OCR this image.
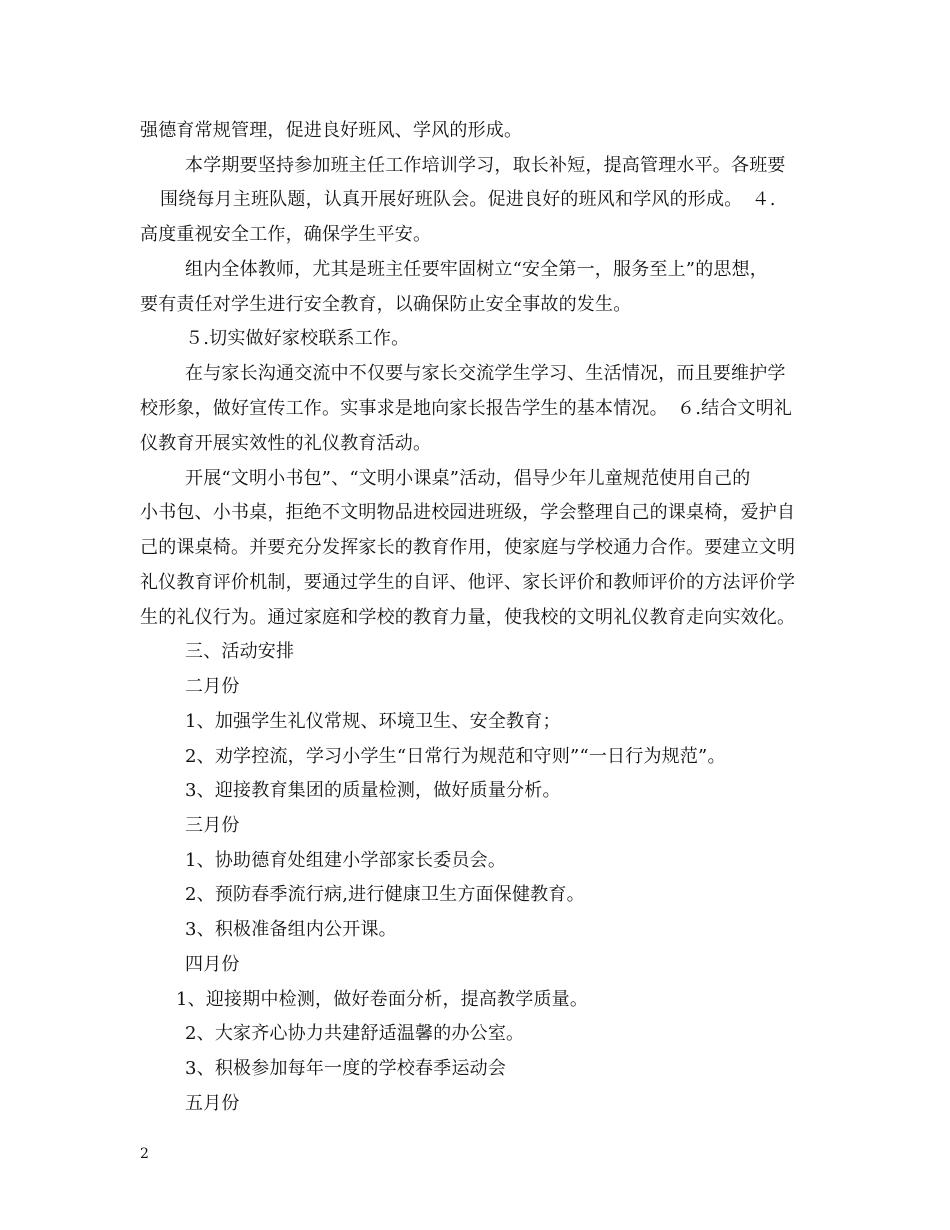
强德育常规管理，促进良好班风、学风的形成。
本学期要坚持参加班主任工作培训学习，取长补短，提高管理水平。各班要
围绕每月主班队题，认真开展好班队会。促进良好的班风和学风的形成。　４.
高度重视安全工作，确保学生平安。
组内全体教师，尤其是班主任要牢固树立“安全第一，服务至上”的思想，
要有责任对学生进行安全教育，以确保防止安全事故的发生。
５.切实做好家校联系工作。
在与家长沟通交流中不仅要与家长交流学生学习、生活情况，而且要维护学
校形象，做好宣传工作。实事求是地向家长报告学生的基本情况。　６.结合文明礼
仪教育开展实效性的礼仪教育活动。
开展“文明小书包”、“文明小课桌”活动，倡导少年儿童规范使用自己的
小书包、小书桌，拒绝不文明物品进校园进班级，学会整理自己的课桌椅，爱护自
己的课桌椅。并要充分发挥家长的教育作用，使家庭与学校通力合作。要建立文明
礼仪教育评价机制，要通过学生的自评、他评、家长评价和教师评价的方法评价学
生的礼仪行为。通过家庭和学校的教育力量，使我校的文明礼仪教育走向实效化。
三、活动安排
二月份
1、加强学生礼仪常规、环境卫生、安全教育；
2、劝学控流，学习小学生“日常行为规范和守则”“一日行为规范”。
3、迎接教育集团的质量检测，做好质量分析。
三月份
1、协助德育处组建小学部家长委员会。
2、预防春季流行病,进行健康卫生方面保健教育。
3、积极准备组内公开课。
四月份
1、迎接期中检测，做好卷面分析，提高教学质量。
2、大家齐心协力共建舒适温馨的办公室。
3、积极参加每年一度的学校春季运动会
五月份
2
